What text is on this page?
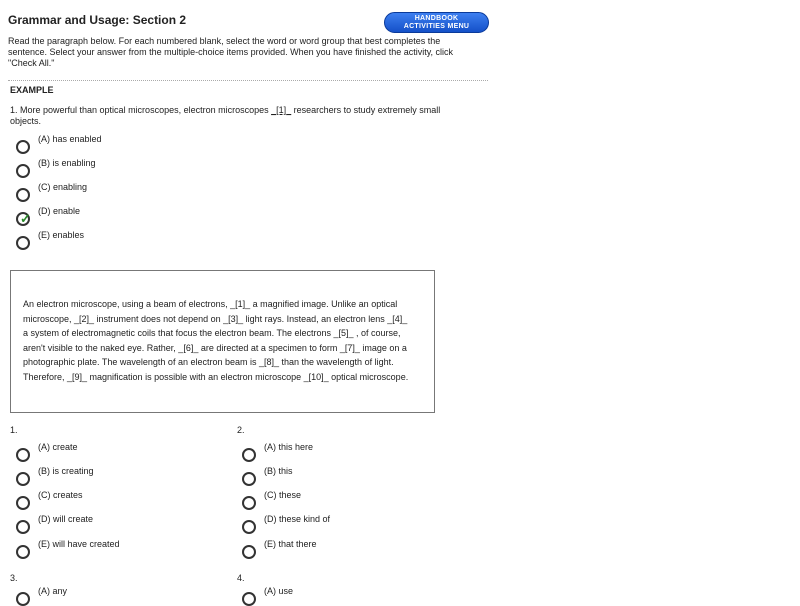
Grammar and Usage: Section 2	HANDBOOK
ACTIVITIES MENU
Read the paragraph below. For each numbered blank, select the word or word group that best completes the sentence. Select your answer from the multiple-choice items provided. When you have finished the activity, click "Check All."
EXAMPLE
1. More powerful than optical microscopes, electron microscopes _[1]_ researchers to study extremely small objects.
(A) has enabled
(B) is enabling
(C) enabling
✓ (D) enable
(E) enables
An electron microscope, using a beam of electrons, _[1]_ a magnified image. Unlike an optical microscope, _[2]_ instrument does not depend on _[3]_ light rays. Instead, an electron lens _[4]_ a system of electromagnetic coils that focus the electron beam. The electrons _[5]_ , of course, aren't visible to the naked eye. Rather, _[6]_ are directed at a specimen to form _[7]_ image on a photographic plate. The wavelength of an electron beam is _[8]_ than the wavelength of light. Therefore, _[9]_ magnification is possible with an electron microscope _[10]_ optical microscope.
1.
(A) create
(B) is creating
(C) creates
(D) will create
(E) will have created
2.
(A) this here
(B) this
(C) these
(D) these kind of
(E) that there
3.
(A) any
4.
(A) use
